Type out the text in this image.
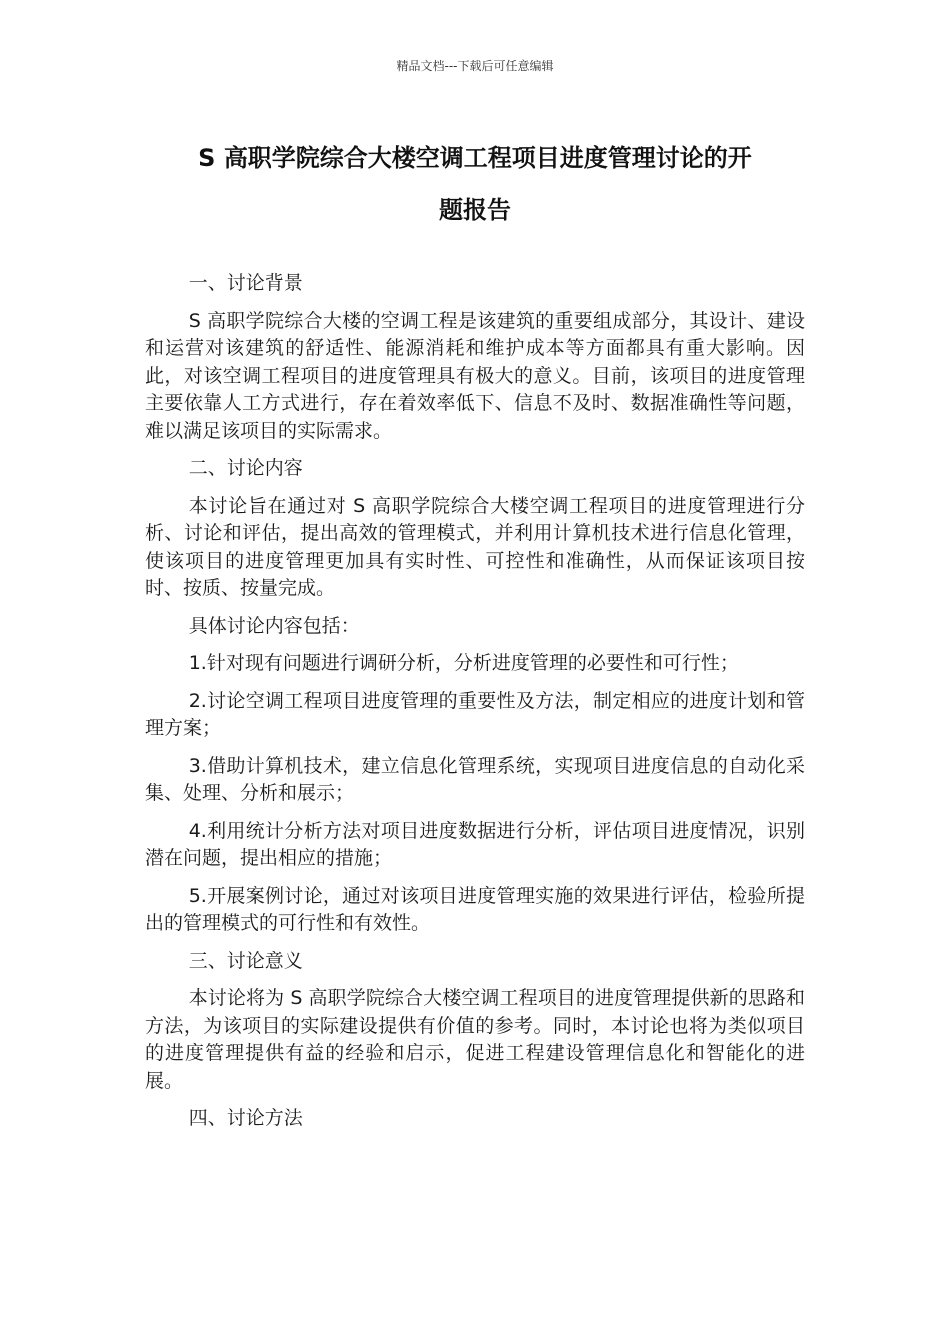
精品文档---下载后可任意编辑
S 高职学院综合大楼空调工程项目进度管理讨论的开
题报告

一、讨论背景

S 高职学院综合大楼的空调工程是该建筑的重要组成部分，其设计、建设和运营对该建筑的舒适性、能源消耗和维护成本等方面都具有重大影响。因此，对该空调工程项目的进度管理具有极大的意义。目前，该项目的进度管理主要依靠人工方式进行，存在着效率低下、信息不及时、数据准确性等问题，难以满足该项目的实际需求。

二、讨论内容

本讨论旨在通过对 S 高职学院综合大楼空调工程项目的进度管理进行分析、讨论和评估，提出高效的管理模式，并利用计算机技术进行信息化管理，使该项目的进度管理更加具有实时性、可控性和准确性，从而保证该项目按时、按质、按量完成。

具体讨论内容包括：

1.针对现有问题进行调研分析，分析进度管理的必要性和可行性；

2.讨论空调工程项目进度管理的重要性及方法，制定相应的进度计划和管理方案；

3.借助计算机技术，建立信息化管理系统，实现项目进度信息的自动化采集、处理、分析和展示；

4.利用统计分析方法对项目进度数据进行分析，评估项目进度情况，识别潜在问题，提出相应的措施；

5.开展案例讨论，通过对该项目进度管理实施的效果进行评估，检验所提出的管理模式的可行性和有效性。

三、讨论意义

本讨论将为 S 高职学院综合大楼空调工程项目的进度管理提供新的思路和方法，为该项目的实际建设提供有价值的参考。同时，本讨论也将为类似项目的进度管理提供有益的经验和启示，促进工程建设管理信息化和智能化的进展。

四、讨论方法
